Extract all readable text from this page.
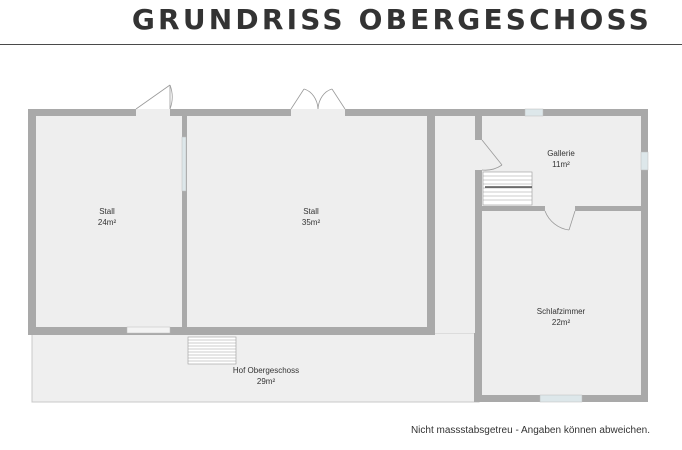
GRUNDRISS OBERGESCHOSS
Stall
24m²
Stall
35m²
Gallerie
11m²
Schlafzimmer
22m²
Hof Obergeschoss
29m²
Nicht massstabsgetreu - Angaben können abweichen.
